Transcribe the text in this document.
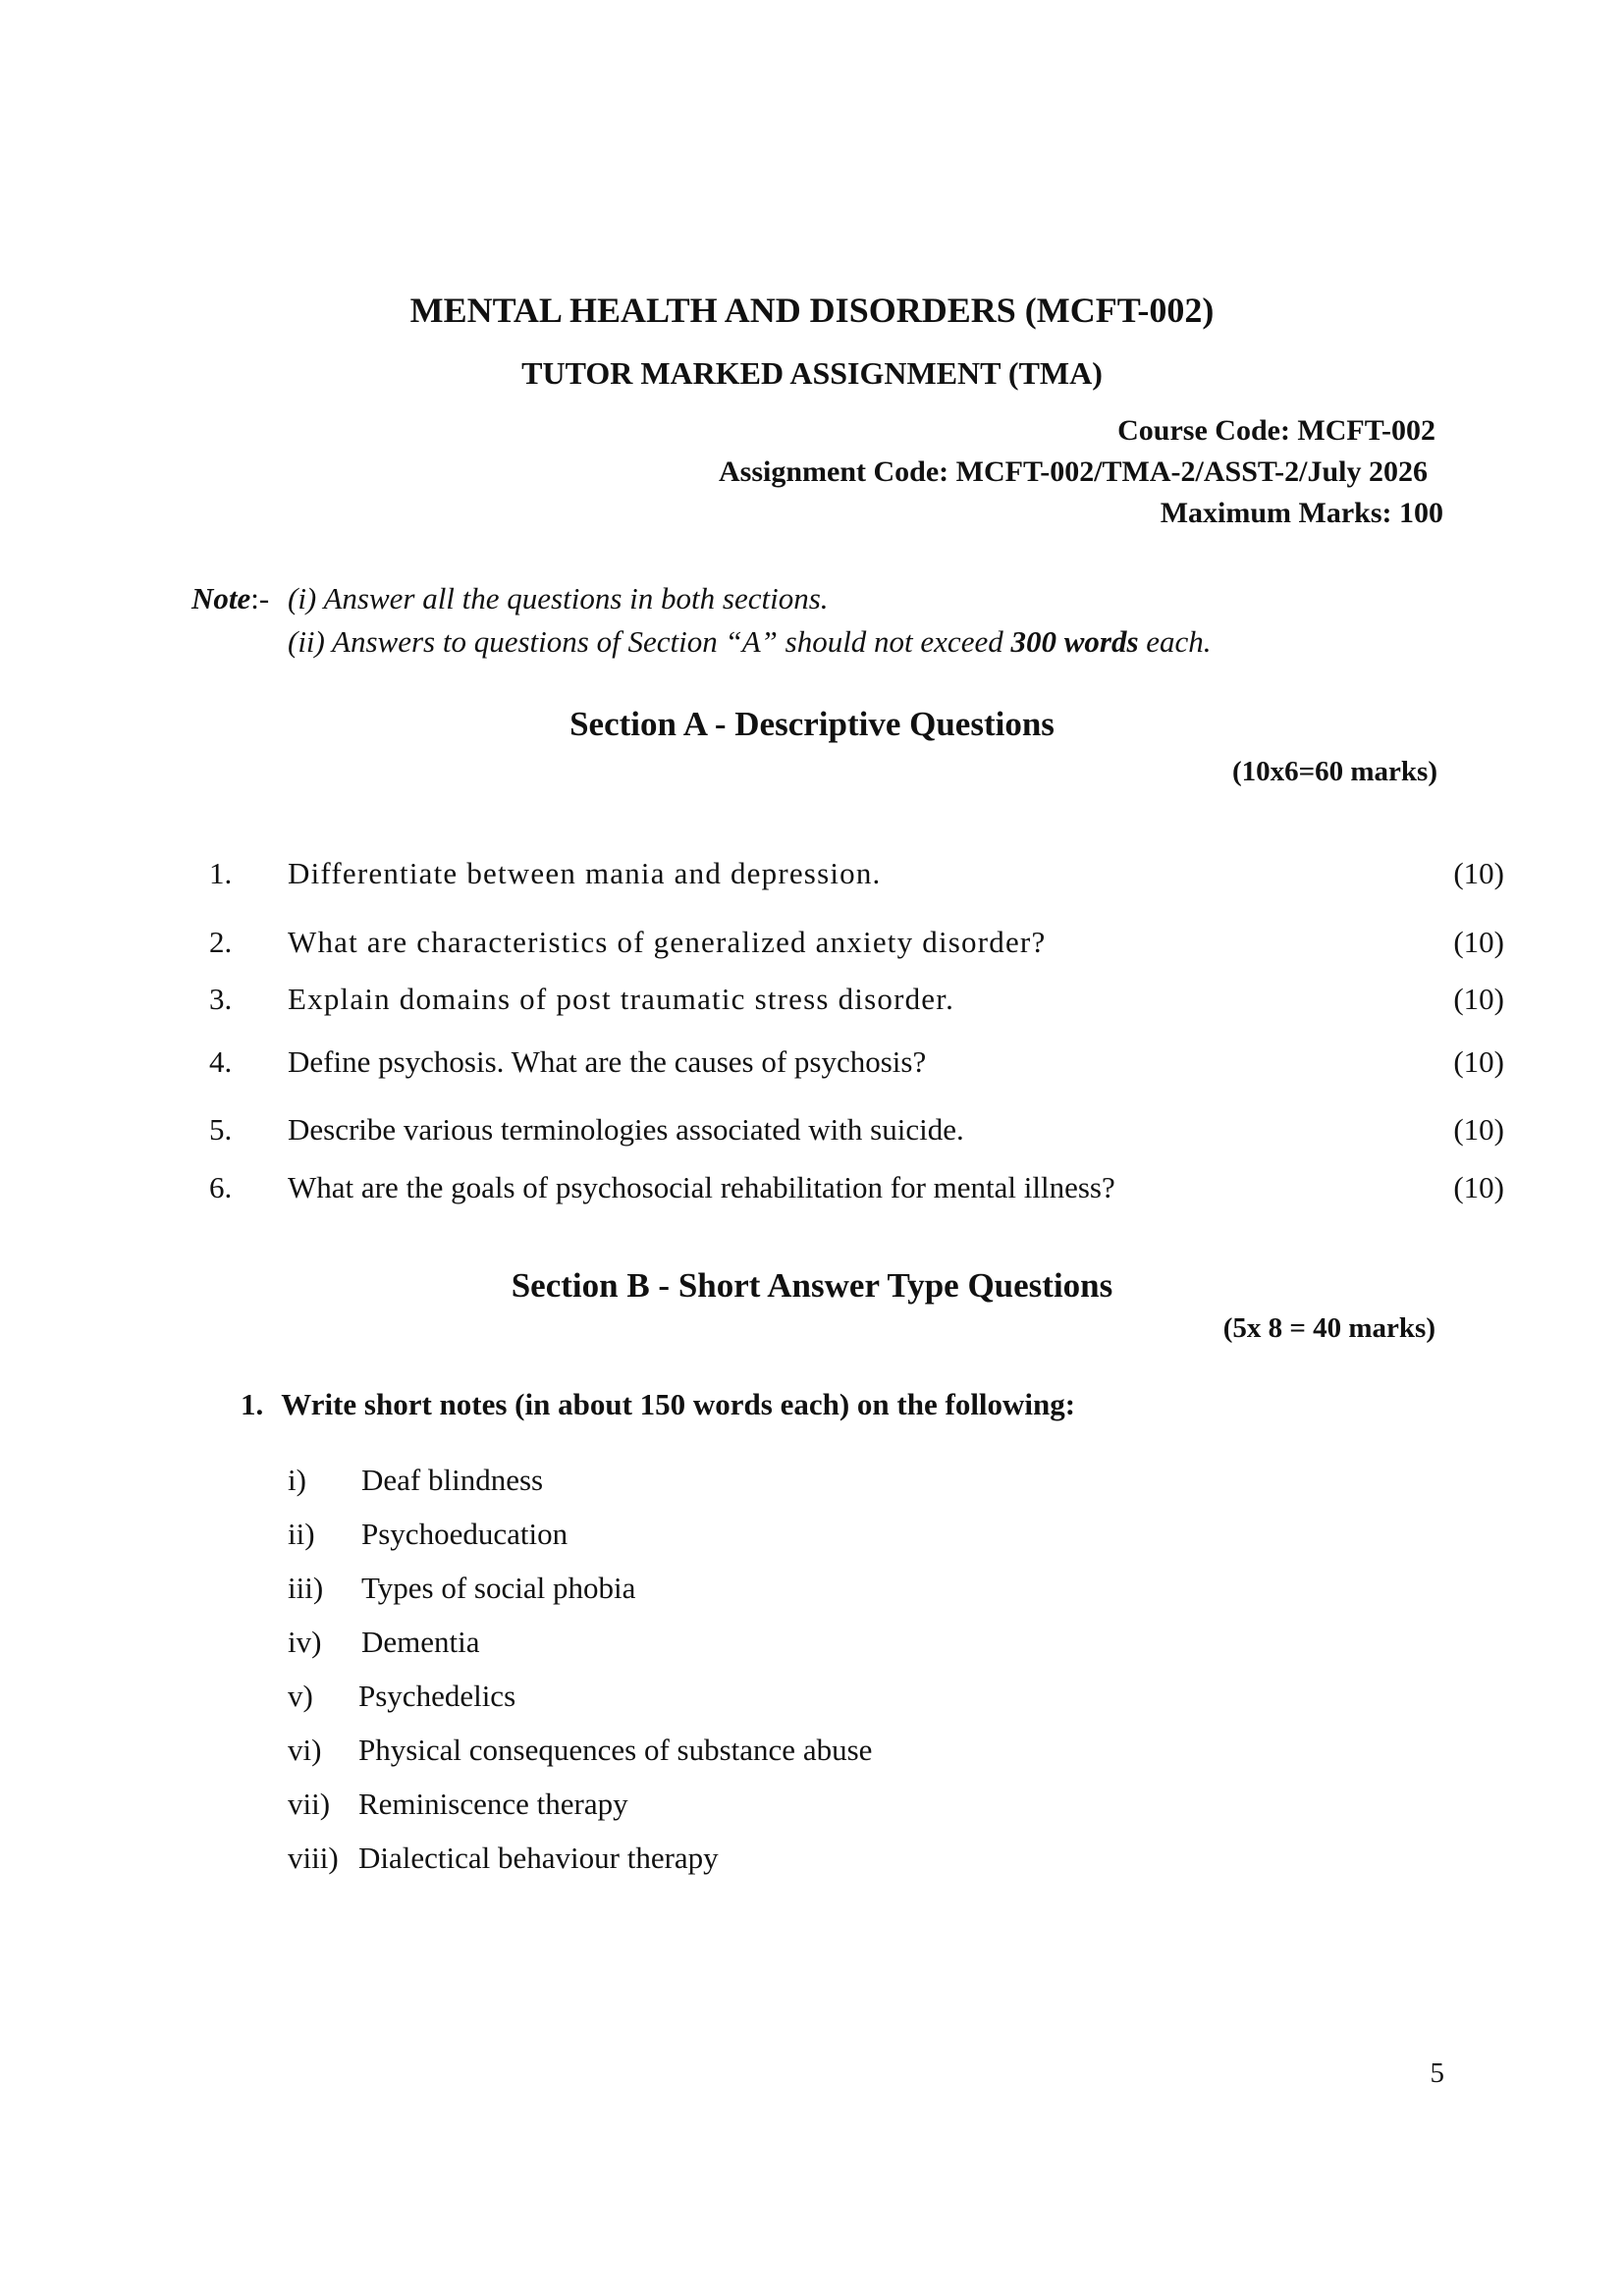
MENTAL HEALTH AND DISORDERS (MCFT-002)
TUTOR MARKED ASSIGNMENT (TMA)
Course Code: MCFT-002
Assignment Code: MCFT-002/TMA-2/ASST-2/July 2026
Maximum Marks: 100
Note:- (i) Answer all the questions in both sections.
(ii) Answers to questions of Section “A” should not exceed 300 words each.
Section A - Descriptive Questions
(10x6=60 marks)
1. Differentiate between mania and depression.	(10)
2. What are characteristics of generalized anxiety disorder?	(10)
3. Explain domains of post traumatic stress disorder.	(10)
4. Define psychosis. What are the causes of psychosis?	(10)
5. Describe various terminologies associated with suicide.	(10)
6. What are the goals of psychosocial rehabilitation for mental illness?	(10)
Section B - Short Answer Type Questions
(5x 8 = 40 marks)
1. Write short notes (in about 150 words each) on the following:
i) Deaf blindness
ii) Psychoeducation
iii) Types of social phobia
iv) Dementia
v) Psychedelics
vi) Physical consequences of substance abuse
vii) Reminiscence therapy
viii) Dialectical behaviour therapy
5
